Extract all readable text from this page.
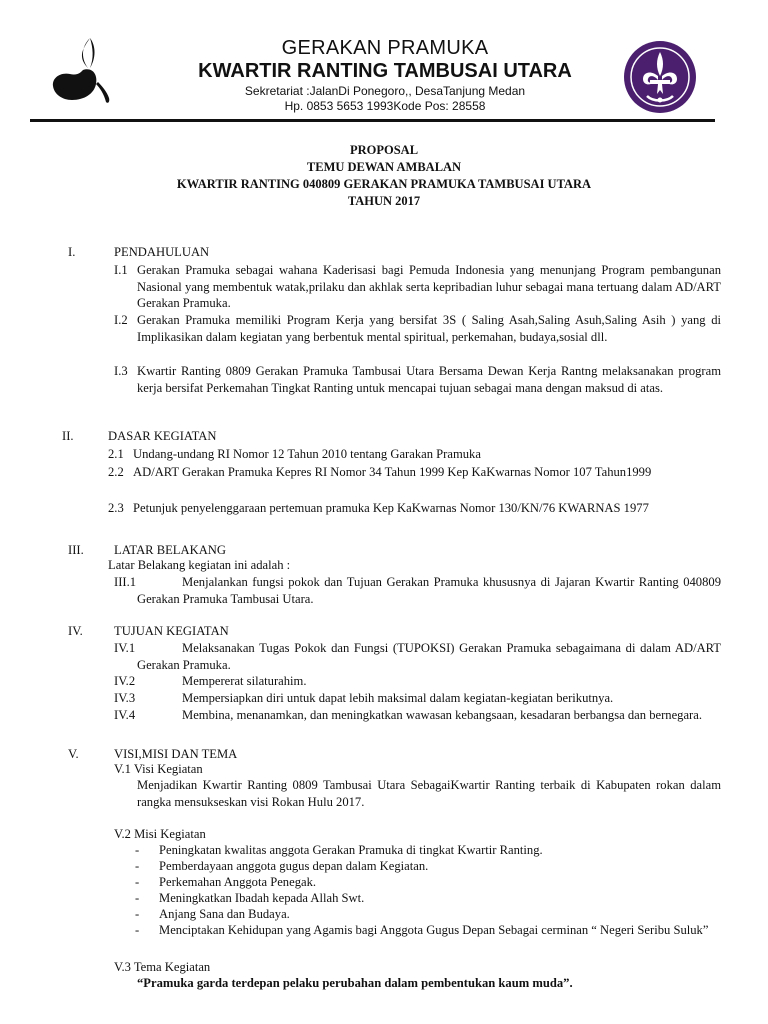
GERAKAN PRAMUKA
KWARTIR RANTING TAMBUSAI UTARA
Sekretariat :JalanDi Ponegoro,, DesaTanjung Medan
Hp. 0853 5653 1993Kode Pos: 28558
PROPOSAL
TEMU DEWAN AMBALAN
KWARTIR RANTING 040809 GERAKAN PRAMUKA TAMBUSAI UTARA
TAHUN 2017
I.	PENDAHULUAN
I.1 Gerakan Pramuka sebagai wahana Kaderisasi bagi Pemuda Indonesia yang menunjang Program pembangunan Nasional yang membentuk watak,prilaku dan akhlak serta kepribadian luhur sebagai mana tertuang dalam AD/ART Gerakan Pramuka.
I.2 Gerakan Pramuka memiliki Program Kerja yang bersifat 3S ( Saling Asah,Saling Asuh,Saling Asih ) yang di Implikasikan dalam kegiatan yang berbentuk mental spiritual, perkemahan, budaya,sosial dll.
I.3 Kwartir Ranting 0809 Gerakan Pramuka Tambusai Utara Bersama Dewan Kerja Rantng melaksanakan program kerja bersifat Perkemahan Tingkat Ranting untuk mencapai tujuan sebagai mana dengan maksud di atas.
II.	DASAR KEGIATAN
2.1 Undang-undang RI Nomor 12 Tahun 2010 tentang Garakan Pramuka
2.2 AD/ART Gerakan Pramuka Kepres RI Nomor 34 Tahun 1999 Kep KaKwarnas Nomor 107 Tahun1999
2.3 Petunjuk penyelenggaraan pertemuan pramuka Kep KaKwarnas Nomor 130/KN/76 KWARNAS 1977
III. LATAR BELAKANG
Latar Belakang kegiatan ini adalah :
III.1	Menjalankan fungsi pokok dan Tujuan Gerakan Pramuka khususnya di Jajaran Kwartir Ranting 040809 Gerakan Pramuka Tambusai Utara.
IV. TUJUAN KEGIATAN
IV.1	Melaksanakan Tugas Pokok dan Fungsi (TUPOKSI) Gerakan Pramuka sebagaimana di dalam AD/ART Gerakan Pramuka.
IV.2	Mempererat silaturahim.
IV.3	Mempersiapkan diri untuk dapat lebih maksimal dalam kegiatan-kegiatan berikutnya.
IV.4	Membina, menanamkan, dan meningkatkan wawasan kebangsaan, kesadaran berbangsa dan bernegara.
V.	VISI,MISI DAN TEMA
V.1 Visi Kegiatan
Menjadikan Kwartir Ranting 0809 Tambusai Utara SebagaiKwartir Ranting terbaik di Kabupaten rokan dalam rangka mensukseskan visi Rokan Hulu 2017.
V.2 Misi Kegiatan
- Peningkatan kwalitas anggota Gerakan Pramuka di tingkat Kwartir Ranting.
- Pemberdayaan anggota gugus depan dalam Kegiatan.
- Perkemahan Anggota Penegak.
- Meningkatkan Ibadah kepada Allah Swt.
- Anjang Sana dan Budaya.
- Menciptakan Kehidupan yang Agamis bagi Anggota Gugus Depan Sebagai cerminan “ Negeri Seribu Suluk”
V.3 Tema Kegiatan
“Pramuka garda terdepan pelaku perubahan dalam pembentukan kaum muda”.
